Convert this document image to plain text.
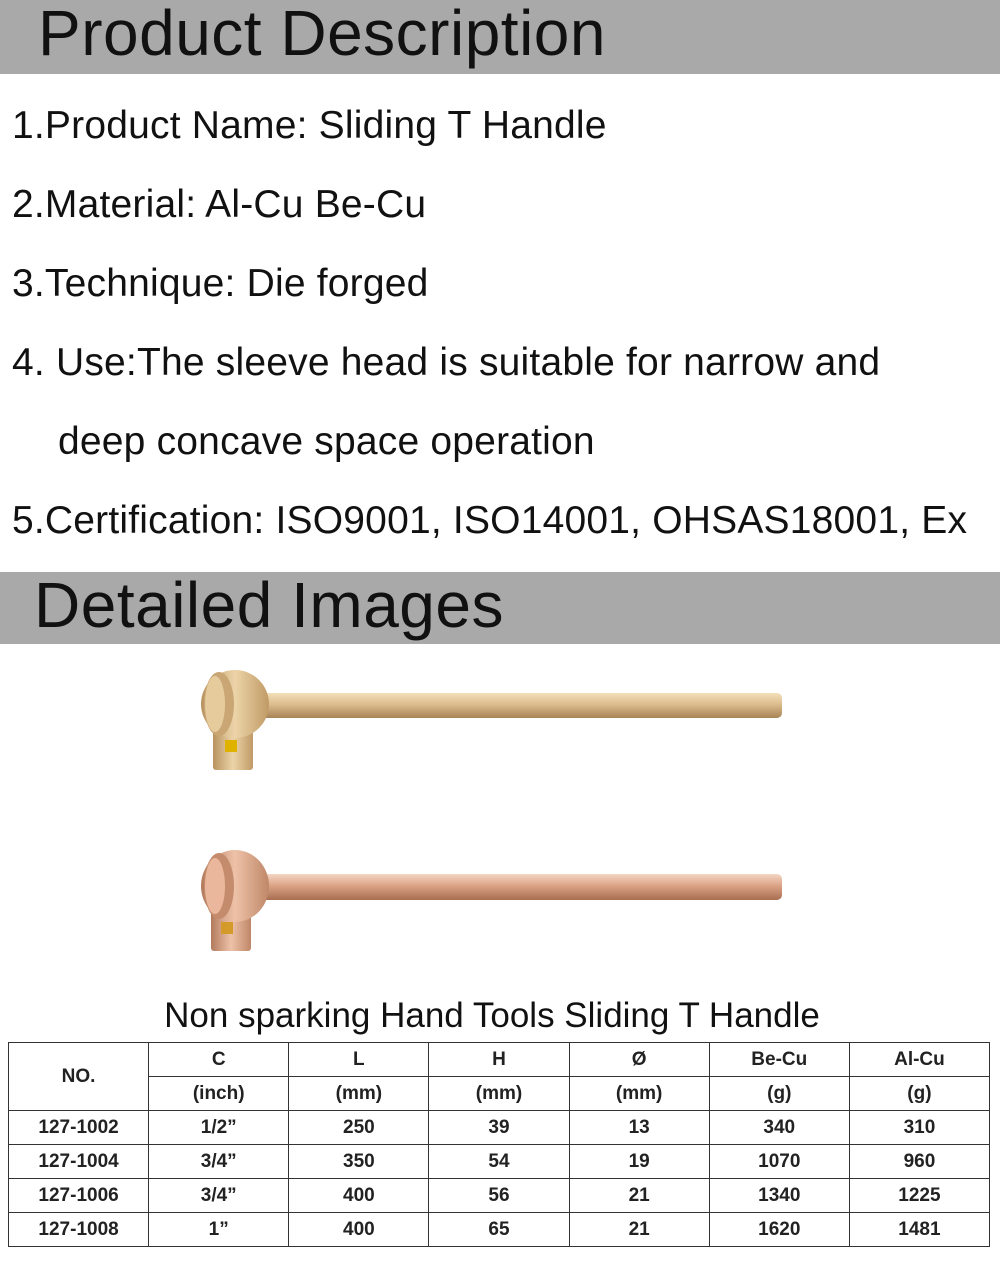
Product Description
1.Product Name: Sliding T Handle
2.Material: Al-Cu Be-Cu
3.Technique: Die forged
4. Use:The sleeve head is suitable for narrow and
deep concave space operation
5.Certification: ISO9001, ISO14001, OHSAS18001, Ex
Detailed Images
Non sparking Hand Tools Sliding T Handle
NO.	C	L	H	Ø	Be-Cu	Al-Cu
	(inch)	(mm)	(mm)	(mm)	(g)	(g)
127-1002	1/2”	250	39	13	340	310
127-1004	3/4”	350	54	19	1070	960
127-1006	3/4”	400	56	21	1340	1225
127-1008	1”	400	65	21	1620	1481
